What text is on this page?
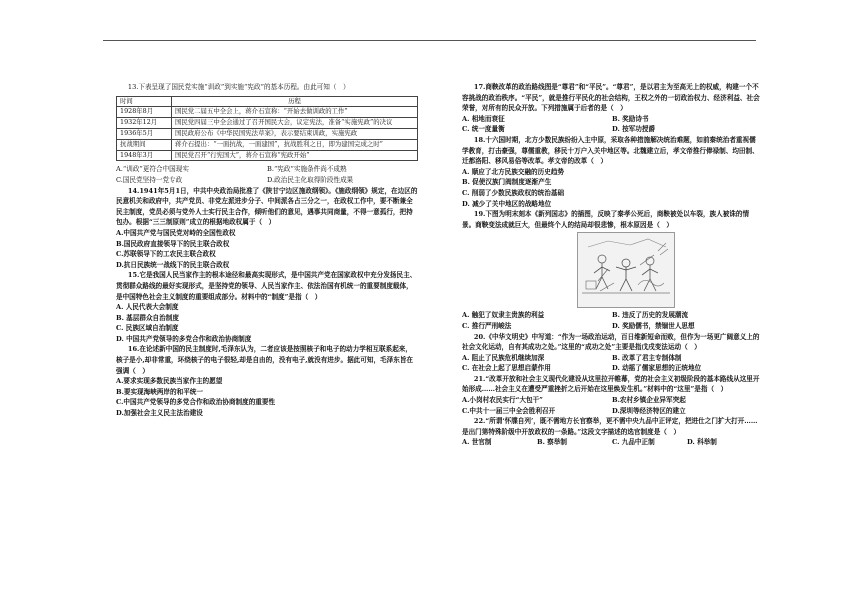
13.下表呈现了国民党实施“训政”到实施“宪政”的基本历程。由此可知（　）

时间	历程
1928年8月	国民党二届五中全会上，蒋介石宣称：“开始去做训政的工作”
1932年12月	国民党四届三中全会通过了召开国民大会，议定宪法，准备“实施宪政”的决议
1936年5月	国民政府公布《中华民国宪法草案》，表示要结束训政，实施宪政
抗战期间	蒋介石提出：“一面抗战，一面建国”，抗战胜利之日，即为建国完成之时”
1948年3月	国民党召开“行宪国大”，蒋介石宣称“宪政开始”
A.“训政”更符合中国现实	B.“宪政”实施条件尚不成熟
C.国民党坚持一党专政	D.政治民主化取得阶段性成果

14.1941年5月1日，中共中央政治局批准了《陕甘宁边区施政纲领》。《施政纲领》规定，在边区的民意机关和政府中，共产党员、非党左派进步分子、中间派各占三分之一，在政权工作中，要不断兼全民主制度，党员必须与党外人士实行民主合作，倾听他们的意见，遇事共同商量，不得一意孤行，把持包办。根据“三三制原则”成立的根据地政权属于（　）

A.中国共产党与国民党对峙的全国性政权

B.国民政府直接领导下的民主联合政权

C.苏联领导下的工农民主联合政权

D.抗日民族统一战线下的民主联合政权

15.它是我国人民当家作主的根本途径和最高实现形式，是中国共产党在国家政权中充分发扬民主、贯彻群众路线的最好实现形式，是坚持党的领导、人民当家作主、依法治国有机统一的重要制度载体，是中国特色社会主义制度的重要组成部分。材料中的“制度”是指（　）

A. 人民代表大会制度

B. 基层群众自治制度

C. 民族区域自治制度

D. 中国共产党领导的多党合作和政治协商制度

16.在论述新中国的民主制度时,毛泽东认为，二者应该是按照核子和电子的动力学相互联系起来，核子是小,却非常重，环绕核子的电子很轻,却是自由的，没有电子,就没有进步。据此可知，毛泽东旨在强调（　）

A.要求实现多数民族当家作主的愿望

B.要实现海峡两岸的和平统一

C.中国共产党领导的多党合作和政治协商制度的重要性

D.加强社会主义民主法治建设

17.商鞅改革的政治路线图是“尊君”和“平民”。“尊君”，是以君主为至高无上的权威，构建一个不容挑战的政治秩序。“平民”，就是推行平民化的社会结构，王权之外的一切政治权力、经济利益、社会荣誉，对所有的民众开放。下列措施属于后者的是（　）

A. 相地而衰征	B. 奖励诗书
C. 统一度量衡	D. 按军功授爵

18.十六国时期，北方少数民族纷纷入主中原，采取各种措施解决统治难题，如前秦统治者重视儒学教育，打击豪强，尊儒重教，移民十万户入关中地区等。北魏建立后，孝文帝推行俸禄制、均田制、迁都洛阳、移风易俗等改革。孝文帝的改革（　）

A. 顺应了北方民族交融的历史趋势

B. 促使汉族门阀制度逐渐产生

C. 削弱了少数民族政权的统治基础

D. 减少了关中地区的战略地位

19.下图为明末刻本《新列国志》的插图，反映了秦孝公死后，商鞅被处以车裂，族人被诛的情景。商鞅变法成就巨大，但最终个人的结局却很悲惨，根本原因是（　）

A. 触犯了奴隶主贵族的利益	B. 违反了历史的发展潮流
C. 推行严刑峻法	D. 奖励儒书，禁锢世人思想

20.《中华文明史》中写道：“作为一场政治运动，百日维新短命而败，但作为一场更广阔意义上的社会文化运动，自有其成功之处。”这里的“成功之处”主要是指戊戌变法运动（　）

A. 阻止了民族危机继续加深	B. 改革了君主专制体制
C. 在社会上起了思想启蒙作用	D. 动摇了儒家思想的正统地位

21.“改革开放和社会主义现代化建设从这里拉开帷幕，党的社会主义初级阶段的基本路线从这里开始形成……社会主义在遭受严重挫折之后开始在这里焕发生机。”材料中的“这里”是指（　）

A.小岗村农民实行“大包干”	B.农村乡镇企业异军突起
C.中共十一届三中全会胜利召开	D.深圳等经济特区的建立

22.“所谓‘怀牒自列’，既不需地方长官察举，更不需中央九品中正评定，把进仕之门扩大打开……是出门第特殊阶级中开放政权的一条路。”这段文字描述的选官制度是（　）

A. 世官制	B. 察举制	C. 九品中正制	D. 科举制
